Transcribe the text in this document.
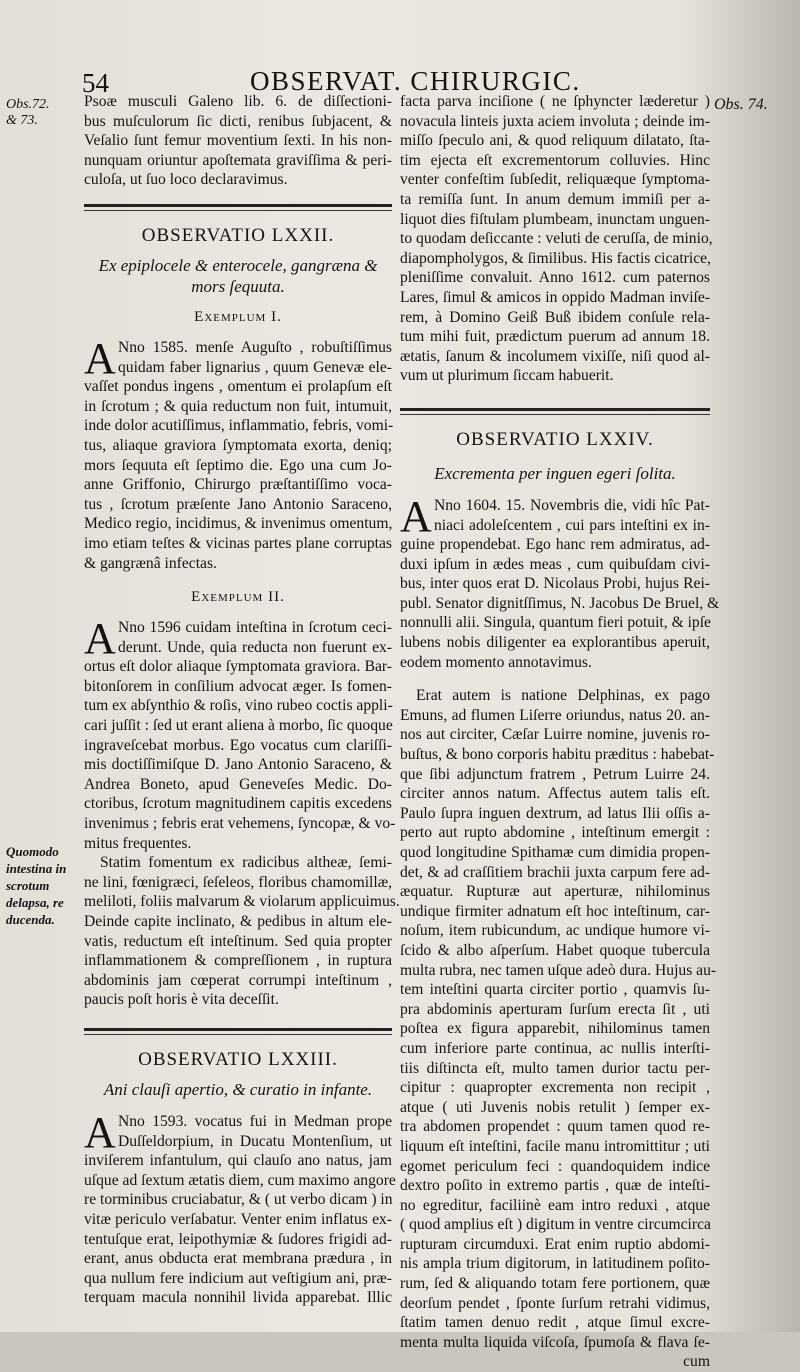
54	OBSERVAT. CHIRURGIC.
Obs.72.
& 73.
Obs. 74.
Quomodo
intestina in
scrotum
delapsa, re
ducenda.
Psoæ musculi Galeno lib. 6. de diſſectioni-
bus muſculorum ſic dicti, renibus ſubjacent, &
Veſalio ſunt femur moventium ſexti. In his non-
nunquam oriuntur apoſtemata graviſſima & peri-
culoſa, ut ſuo loco declaravimus.
OBSERVATIO LXXII.
Ex epiplocele & enterocele, gangræna &
mors ſequuta.
Exemplum I.
A Nno 1585. menſe Auguſto , robuſtiſſimus
quidam faber lignarius , quum Genevæ ele-
vaſſet pondus ingens , omentum ei prolapſum eſt
in ſcrotum ; & quia reductum non fuit, intumuit,
inde dolor acutiſſimus, inflammatio, febris, vomi-
tus, aliaque graviora ſymptomata exorta, deniq;
mors ſequuta eſt ſeptimo die. Ego una cum Jo-
anne Griffonio, Chirurgo præſtantiſſimo voca-
tus , ſcrotum præſente Jano Antonio Saraceno,
Medico regio, incidimus, & invenimus omentum,
imo etiam teſtes & vicinas partes plane corruptas
& gangrænâ infectas.
Exemplum II.
A Nno 1596 cuidam inteſtina in ſcrotum ceci-
derunt. Unde, quia reducta non fuerunt ex-
ortus eſt dolor aliaque ſymptomata graviora. Bar-
bitonſorem in conſilium advocat æger. Is fomen-
tum ex abſynthio & roſis, vino rubeo coctis appli-
cari juſſit : ſed ut erant aliena à morbo, ſic quoque
ingraveſcebat morbus. Ego vocatus cum clariſſi-
mis doctiſſimiſque D. Jano Antonio Saraceno, &
Andrea Boneto, apud Geneveſes Medic. Do-
ctoribus, ſcrotum magnitudinem capitis excedens
invenimus ; febris erat vehemens, ſyncopæ, & vo-
mitus frequentes.
Statim fomentum ex radicibus altheæ, ſemi-
ne lini, fœnigræci, ſeſeleos, floribus chamomillæ,
meliloti, foliis malvarum & violarum applicuimus.
Deinde capite inclinato, & pedibus in altum ele-
vatis, reductum eſt inteſtinum. Sed quia propter
inflammationem & compreſſionem , in ruptura
abdominis jam cœperat corrumpi inteſtinum ,
paucis poſt horis è vita deceſſit.
OBSERVATIO LXXIII.
Ani clauſi apertio, & curatio in infante.
A Nno 1593. vocatus fui in Medman prope
Duſſeldorpium, in Ducatu Montenſium, ut
inviſerem infantulum, qui clauſo ano natus, jam
uſque ad ſextum ætatis diem, cum maximo angore
re torminibus cruciabatur, & ( ut verbo dicam ) in
vitæ periculo verſabatur. Venter enim inflatus ex-
tentuſque erat, leipothymiæ & ſudores frigidi ad-
erant, anus obducta erat membrana prædura , in
qua nullum fere indicium aut veſtigium ani, præ-
terquam macula nonnihil livida apparebat. Illic
facta parva inciſione ( ne ſphyncter læderetur )
novacula linteis juxta aciem involuta ; deinde im-
miſſo ſpeculo ani, & quod reliquum dilatato, ſta-
tim ejecta eſt excrementorum colluvies. Hinc
venter confeſtim ſubſedit, reliquæque ſymptoma-
ta remiſſa ſunt. In anum demum immiſi per a-
liquot dies fiſtulam plumbeam, inunctam unguen-
to quodam deſiccante : veluti de ceruſſa, de minio,
diapompholygos, & ſimilibus. His factis cicatrice,
pleniſſime convaluit. Anno 1612. cum paternos
Lares, ſimul & amicos in oppido Madman inviſe-
rem, à Domino Geiß Buß ibidem conſule rela-
tum mihi fuit, prædictum puerum ad annum 18.
ætatis, ſanum & incolumem vixiſſe, niſi quod al-
vum ut plurimum ſiccam habuerit.
OBSERVATIO LXXIV.
Excrementa per inguen egeri ſolita.
A Nno 1604. 15. Novembris die, vidi hîc Pat-
niaci adoleſcentem , cui pars inteſtini ex in-
guine propendebat. Ego hanc rem admiratus, ad-
duxi ipſum in ædes meas , cum quibuſdam civi-
bus, inter quos erat D. Nicolaus Probi, hujus Rei-
publ. Senator dignitſſimus, N. Jacobus De Bruel, &
nonnulli alii. Singula, quantum fieri potuit, & ipſe
lubens nobis diligenter ea explorantibus aperuit,
eodem momento annotavimus.
Erat autem is natione Delphinas, ex pago
Emuns, ad flumen Liſerre oriundus, natus 20. an-
nos aut circiter, Cæſar Luirre nomine, juvenis ro-
buſtus, & bono corporis habitu præditus : habebat-
que ſibi adjunctum fratrem , Petrum Luirre 24.
circiter annos natum. Affectus autem talis eſt.
Paulo ſupra inguen dextrum, ad latus Ilii oſſis a-
perto aut rupto abdomine , inteſtinum emergit :
quod longitudine Spithamæ cum dimidia propen-
det, & ad craſſitiem brachii juxta carpum fere ad-
æquatur. Rupturæ aut aperturæ, nihilominus
undique firmiter adnatum eſt hoc inteſtinum, car-
noſum, item rubicundum, ac undique humore vi-
ſcido & albo aſperſum. Habet quoque tubercula
multa rubra, nec tamen uſque adeò dura. Hujus au-
tem inteſtini quarta circiter portio , quamvis ſu-
pra abdominis aperturam ſurſum erecta ſit , uti
poſtea ex figura apparebit, nihilominus tamen
cum inferiore parte continua, ac nullis interſti-
tiis diſtincta eſt, multo tamen durior tactu per-
cipitur : quapropter excrementa non recipit ,
atque ( uti Juvenis nobis retulit ) ſemper ex-
tra abdomen propendet : quum tamen quod re-
liquum eſt inteſtini, facile manu intromittitur ; uti
egomet periculum feci : quandoquidem indice
dextro poſito in extremo partis , quæ de inteſti-
no egreditur, faciliinè eam intro reduxi , atque
( quod amplius eſt ) digitum in ventre circumcirca
rupturam circumduxi. Erat enim ruptio abdomi-
nis ampla trium digitorum, in latitudinem poſito-
rum, ſed & aliquando totam fere portionem, quæ
deorſum pendet , ſponte ſurſum retrahi vidimus,
ſtatim tamen denuo redit , atque ſimul excre-
menta multa liquida viſcoſa, ſpumoſa & flava ſe-
cum
